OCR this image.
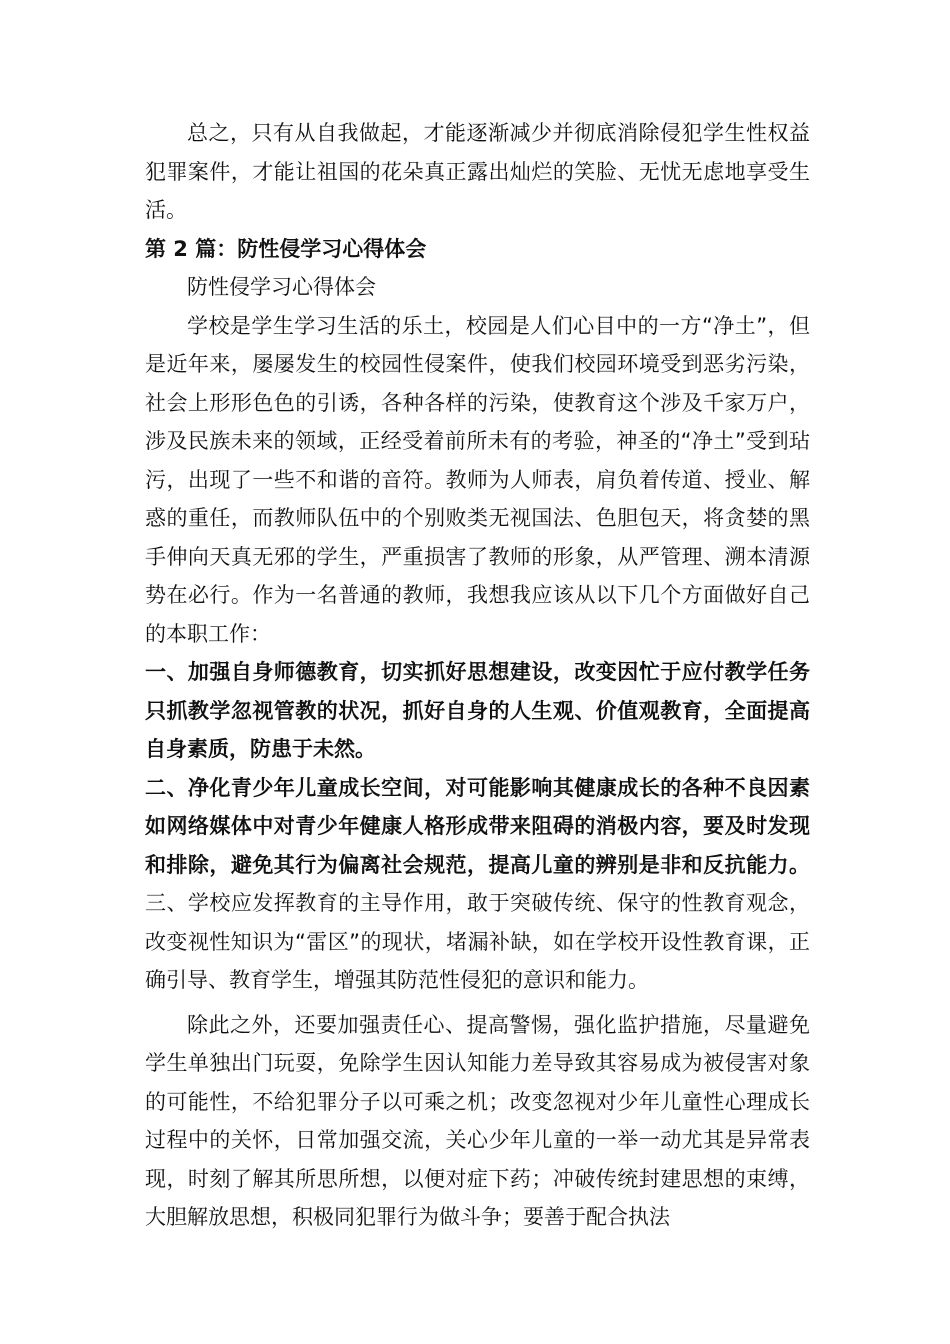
总之，只有从自我做起，才能逐渐减少并彻底消除侵犯学生性权益犯罪案件，才能让祖国的花朵真正露出灿烂的笑脸、无忧无虑地享受生活。

第 2 篇：防性侵学习心得体会

防性侵学习心得体会

学校是学生学习生活的乐土，校园是人们心目中的一方“净土”，但是近年来，屡屡发生的校园性侵案件，使我们校园环境受到恶劣污染，社会上形形色色的引诱，各种各样的污染，使教育这个涉及千家万户，涉及民族未来的领域，正经受着前所未有的考验，神圣的“净土”受到玷污，出现了一些不和谐的音符。教师为人师表，肩负着传道、授业、解惑的重任，而教师队伍中的个别败类无视国法、色胆包天，将贪婪的黑手伸向天真无邪的学生，严重损害了教师的形象，从严管理、溯本清源势在必行。作为一名普通的教师，我想我应该从以下几个方面做好自己的本职工作：

一、加强自身师德教育，切实抓好思想建设，改变因忙于应付教学任务只抓教学忽视管教的状况，抓好自身的人生观、价值观教育，全面提高自身素质，防患于未然。

二、净化青少年儿童成长空间，对可能影响其健康成长的各种不良因素如网络媒体中对青少年健康人格形成带来阻碍的消极内容，要及时发现和排除，避免其行为偏离社会规范，提高儿童的辨别是非和反抗能力。三、学校应发挥教育的主导作用，敢于突破传统、保守的性教育观念，改变视性知识为“雷区”的现状，堵漏补缺，如在学校开设性教育课，正确引导、教育学生，增强其防范性侵犯的意识和能力。

除此之外，还要加强责任心、提高警惕，强化监护措施，尽量避免学生单独出门玩耍，免除学生因认知能力差导致其容易成为被侵害对象的可能性，不给犯罪分子以可乘之机；改变忽视对少年儿童性心理成长过程中的关怀，日常加强交流，关心少年儿童的一举一动尤其是异常表现，时刻了解其所思所想，以便对症下药；冲破传统封建思想的束缚，大胆解放思想，积极同犯罪行为做斗争；要善于配合执法
